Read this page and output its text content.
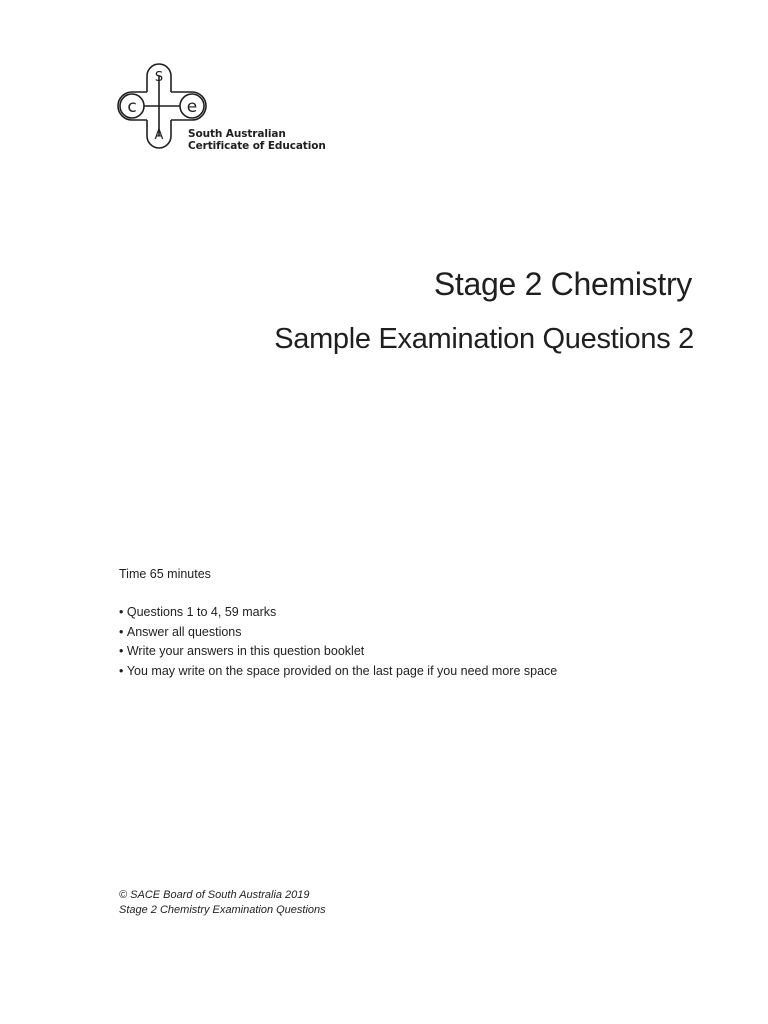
S
c	e
A South Australian
Certificate of Education
Stage 2 Chemistry
Sample Examination Questions 2

Time 65 minutes

• Questions 1 to 4, 59 marks
• Answer all questions
• Write your answers in this question booklet
• You may write on the space provided on the last page if you need more space
© SACE Board of South Australia 2019
Stage 2 Chemistry Examination Questions
